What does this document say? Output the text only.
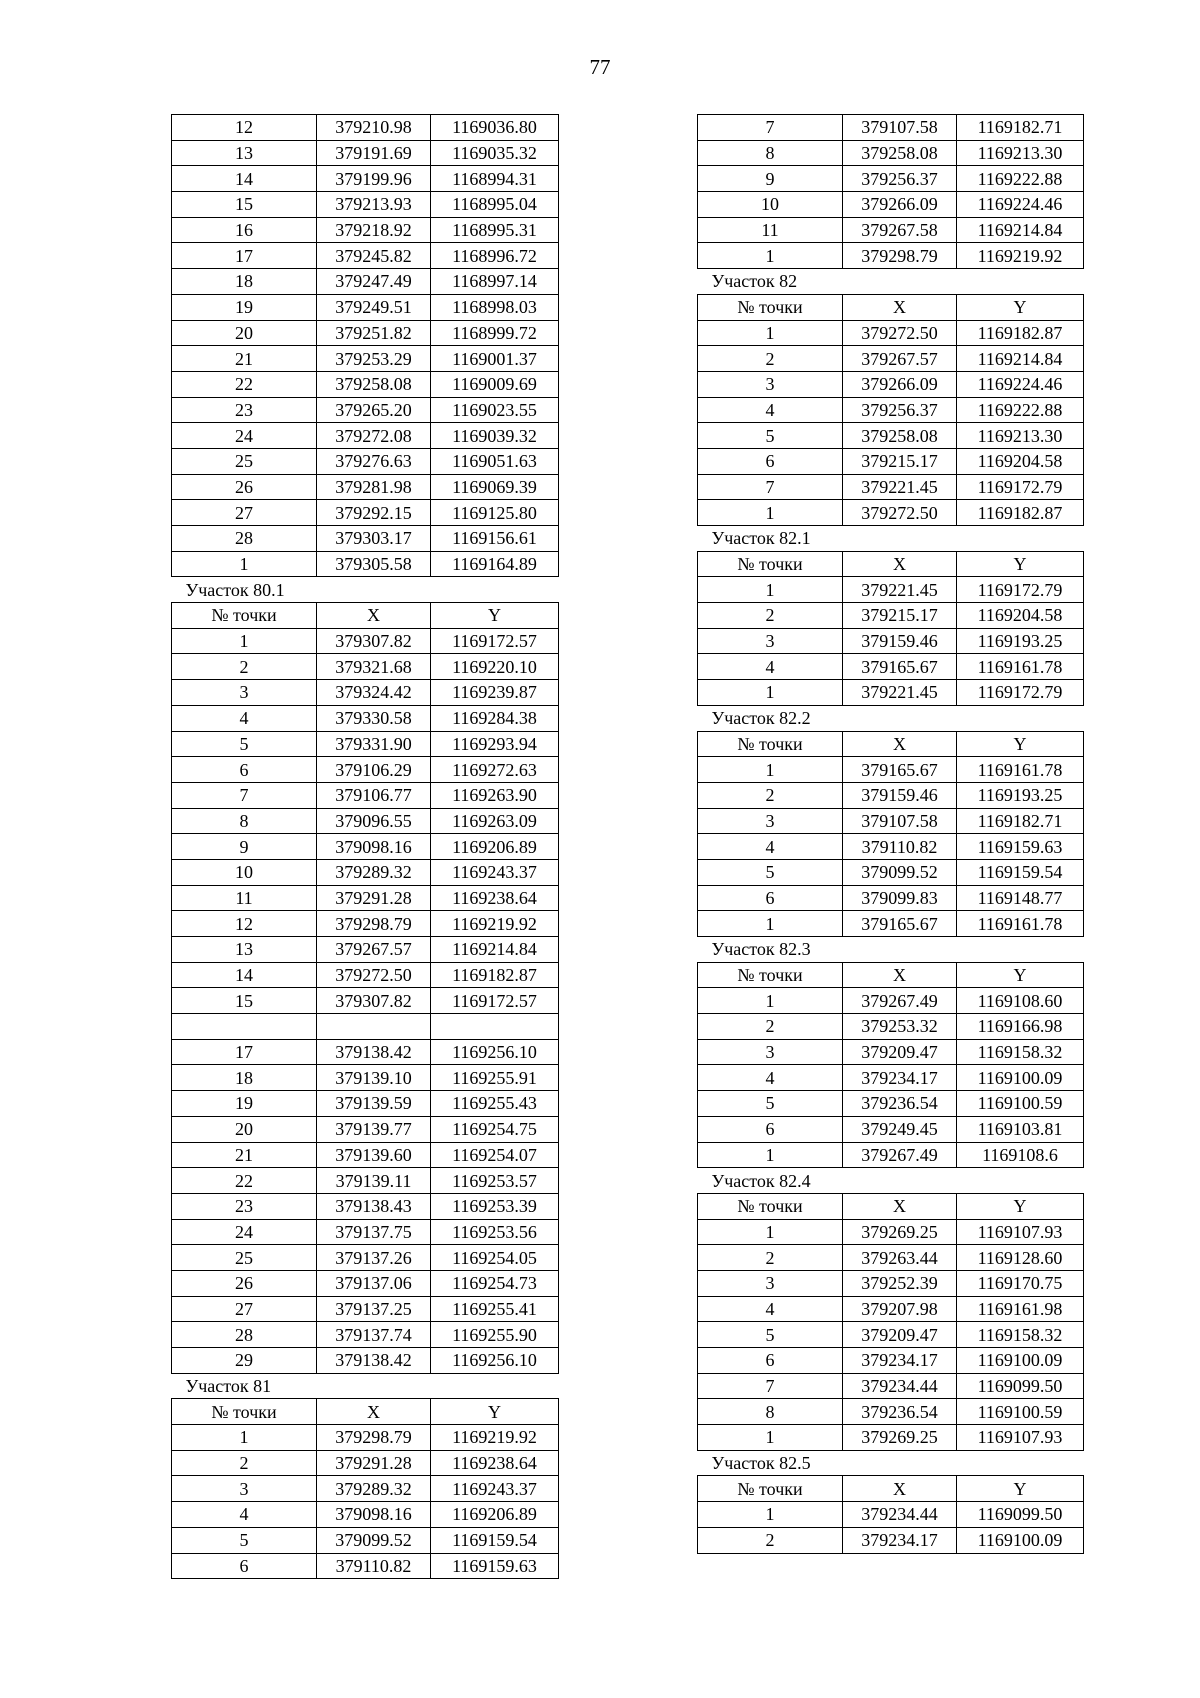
77
12	379210.98	1169036.80
13	379191.69	1169035.32
14	379199.96	1168994.31
15	379213.93	1168995.04
16	379218.92	1168995.31
17	379245.82	1168996.72
18	379247.49	1168997.14
19	379249.51	1168998.03
20	379251.82	1168999.72
21	379253.29	1169001.37
22	379258.08	1169009.69
23	379265.20	1169023.55
24	379272.08	1169039.32
25	379276.63	1169051.63
26	379281.98	1169069.39
27	379292.15	1169125.80
28	379303.17	1169156.61
1	379305.58	1169164.89
Участок 80.1		
№ точки	X	Y
1	379307.82	1169172.57
2	379321.68	1169220.10
3	379324.42	1169239.87
4	379330.58	1169284.38
5	379331.90	1169293.94
6	379106.29	1169272.63
7	379106.77	1169263.90
8	379096.55	1169263.09
9	379098.16	1169206.89
10	379289.32	1169243.37
11	379291.28	1169238.64
12	379298.79	1169219.92
13	379267.57	1169214.84
14	379272.50	1169182.87
15	379307.82	1169172.57

17	379138.42	1169256.10
18	379139.10	1169255.91
19	379139.59	1169255.43
20	379139.77	1169254.75
21	379139.60	1169254.07
22	379139.11	1169253.57
23	379138.43	1169253.39
24	379137.75	1169253.56
25	379137.26	1169254.05
26	379137.06	1169254.73
27	379137.25	1169255.41
28	379137.74	1169255.90
29	379138.42	1169256.10
Участок 81		
№ точки	X	Y
1	379298.79	1169219.92
2	379291.28	1169238.64
3	379289.32	1169243.37
4	379098.16	1169206.89
5	379099.52	1169159.54
6	379110.82	1169159.63
7	379107.58	1169182.71
8	379258.08	1169213.30
9	379256.37	1169222.88
10	379266.09	1169224.46
11	379267.58	1169214.84
1	379298.79	1169219.92
Участок 82		
№ точки	X	Y
1	379272.50	1169182.87
2	379267.57	1169214.84
3	379266.09	1169224.46
4	379256.37	1169222.88
5	379258.08	1169213.30
6	379215.17	1169204.58
7	379221.45	1169172.79
1	379272.50	1169182.87
Участок 82.1		
№ точки	X	Y
1	379221.45	1169172.79
2	379215.17	1169204.58
3	379159.46	1169193.25
4	379165.67	1169161.78
1	379221.45	1169172.79
Участок 82.2		
№ точки	X	Y
1	379165.67	1169161.78
2	379159.46	1169193.25
3	379107.58	1169182.71
4	379110.82	1169159.63
5	379099.52	1169159.54
6	379099.83	1169148.77
1	379165.67	1169161.78
Участок 82.3		
№ точки	X	Y
1	379267.49	1169108.60
2	379253.32	1169166.98
3	379209.47	1169158.32
4	379234.17	1169100.09
5	379236.54	1169100.59
6	379249.45	1169103.81
1	379267.49	1169108.6
Участок 82.4		
№ точки	X	Y
1	379269.25	1169107.93
2	379263.44	1169128.60
3	379252.39	1169170.75
4	379207.98	1169161.98
5	379209.47	1169158.32
6	379234.17	1169100.09
7	379234.44	1169099.50
8	379236.54	1169100.59
1	379269.25	1169107.93
Участок 82.5		
№ точки	X	Y
1	379234.44	1169099.50
2	379234.17	1169100.09
